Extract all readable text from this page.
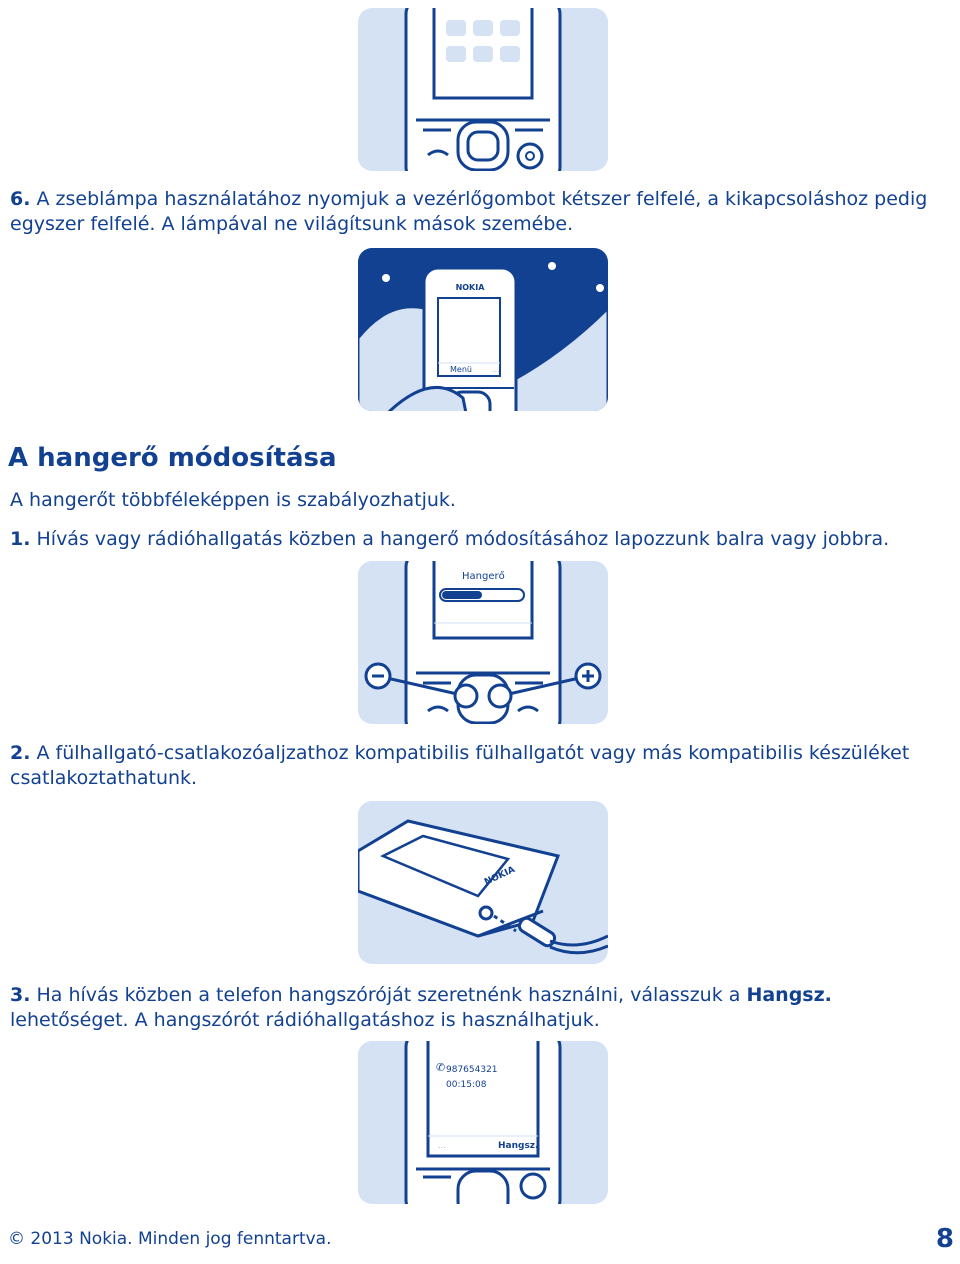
6. A zseblámpa használatához nyomjuk a vezérlőgombot kétszer felfelé, a kikapcsoláshoz pedig egyszer felfelé. A lámpával ne világítsunk mások szemébe.

NOKIA
Menü	...
A hangerő módosítása

A hangerőt többféleképpen is szabályozhatjuk.

1. Hívás vagy rádióhallgatás közben a hangerő módosításához lapozzunk balra vagy jobbra.

Hangerő

2. A fülhallgató-csatlakozóaljzathoz kompatibilis fülhallgatót vagy más kompatibilis készüléket csatlakoztathatunk.

NOKIA

3. Ha hívás közben a telefon hangszóróját szeretnénk használni, válasszuk a Hangsz. lehetőséget. A hangszórót rádióhallgatáshoz is használhatjuk.

✆ 987654321
00:15:08
...	Hangsz.
© 2013 Nokia. Minden jog fenntartva.	8
